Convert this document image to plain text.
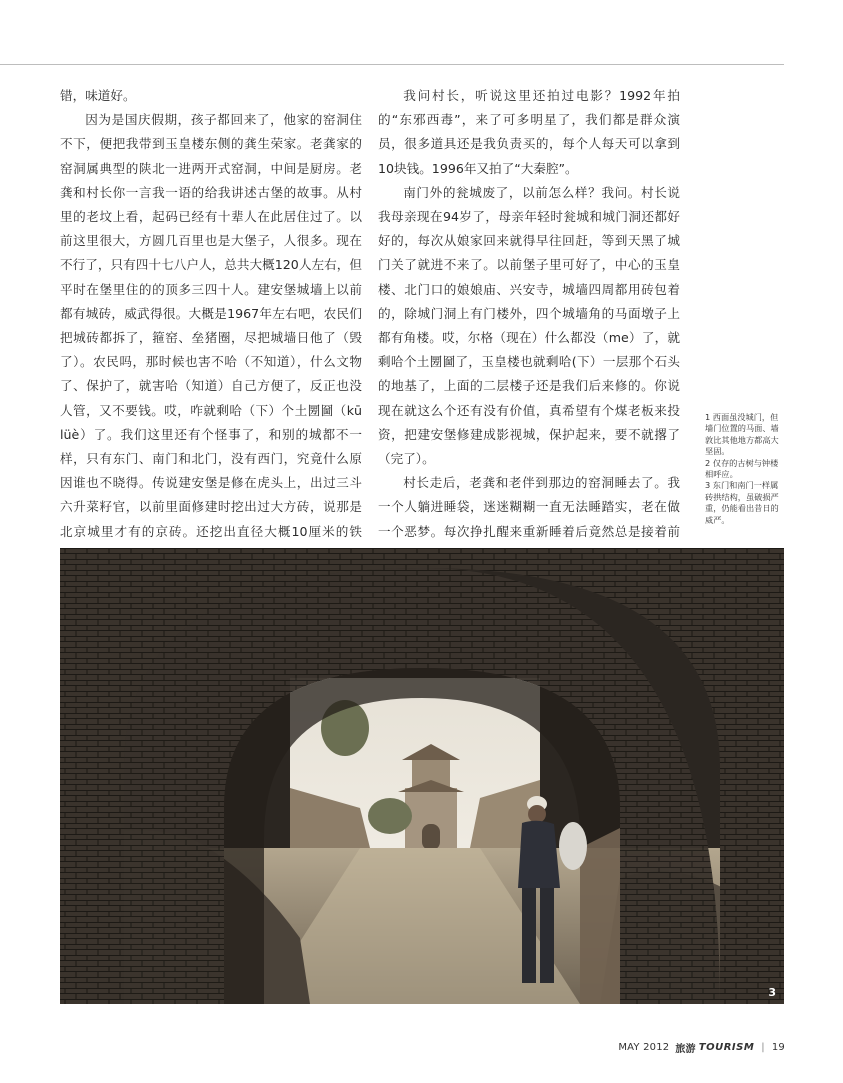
错，味道好。

因为是国庆假期，孩子都回来了，他家的窑洞住不下，便把我带到玉皇楼东侧的龚生荣家。老龚家的窑洞属典型的陕北一进两开式窑洞，中间是厨房。老龚和村长你一言我一语的给我讲述古堡的故事。从村里的老坟上看，起码已经有十辈人在此居住过了。以前这里很大，方圆几百里也是大堡子，人很多。现在不行了，只有四十七八户人，总共大概120人左右，但平时在堡里住的的顶多三四十人。建安堡城墙上以前都有城砖，威武得很。大概是1967年左右吧，农民们把城砖都拆了，箍窑、垒猪圈，尽把城墙日他了（毁了）。农民吗，那时候也害不哈（不知道），什么文物了、保护了，就害哈（知道）自己方便了，反正也没人管，又不要钱。哎，咋就剩哈（下）个土圐圙（kū lüè）了。我们这里还有个怪事了，和别的城都不一样，只有东门、南门和北门，没有西门，究竟什么原因谁也不晓得。传说建安堡是修在虎头上，出过三斗六升菜籽官，以前里面修建时挖出过大方砖，说那是北京城里才有的京砖。还挖出直径大概10厘米的铁

我问村长，听说这里还拍过电影？1992年拍的“东邪西毒”，来了可多明星了，我们都是群众演员，很多道具还是我负责买的，每个人每天可以拿到10块钱。1996年又拍了“大秦腔”。

南门外的瓮城废了，以前怎么样？我问。村长说我母亲现在94岁了，母亲年轻时瓮城和城门洞还都好好的，每次从娘家回来就得早往回赶，等到天黑了城门关了就进不来了。以前堡子里可好了，中心的玉皇楼、北门口的娘娘庙、兴安寺，城墙四周都用砖包着的，除城门洞上有门楼外，四个城墙角的马面墩子上都有角楼。哎，尔格（现在）什么都没（me）了，就剩哈个土圐圙了，玉皇楼也就剩哈(下）一层那个石头的地基了，上面的二层楼子还是我们后来修的。你说现在就这么个还有没有价值，真希望有个煤老板来投资，把建安堡修建成影视城，保护起来，要不就撂了（完了）。

村长走后，老龚和老伴到那边的窑洞睡去了。我一个人躺进睡袋，迷迷糊糊一直无法睡踏实，老在做一个恶梦。每次挣扎醒来重新睡着后竟然总是接着前

1 西面虽没城门，但墙门位置的马面、墙敦比其他地方都高大坚固。

2 仅存的古树与钟楼相呼应。

3 东门和南门一样属砖拱结构，虽破损严重，仍能看出昔日的威严。

3
MAY 2012 旅游 TOURISM | 19
